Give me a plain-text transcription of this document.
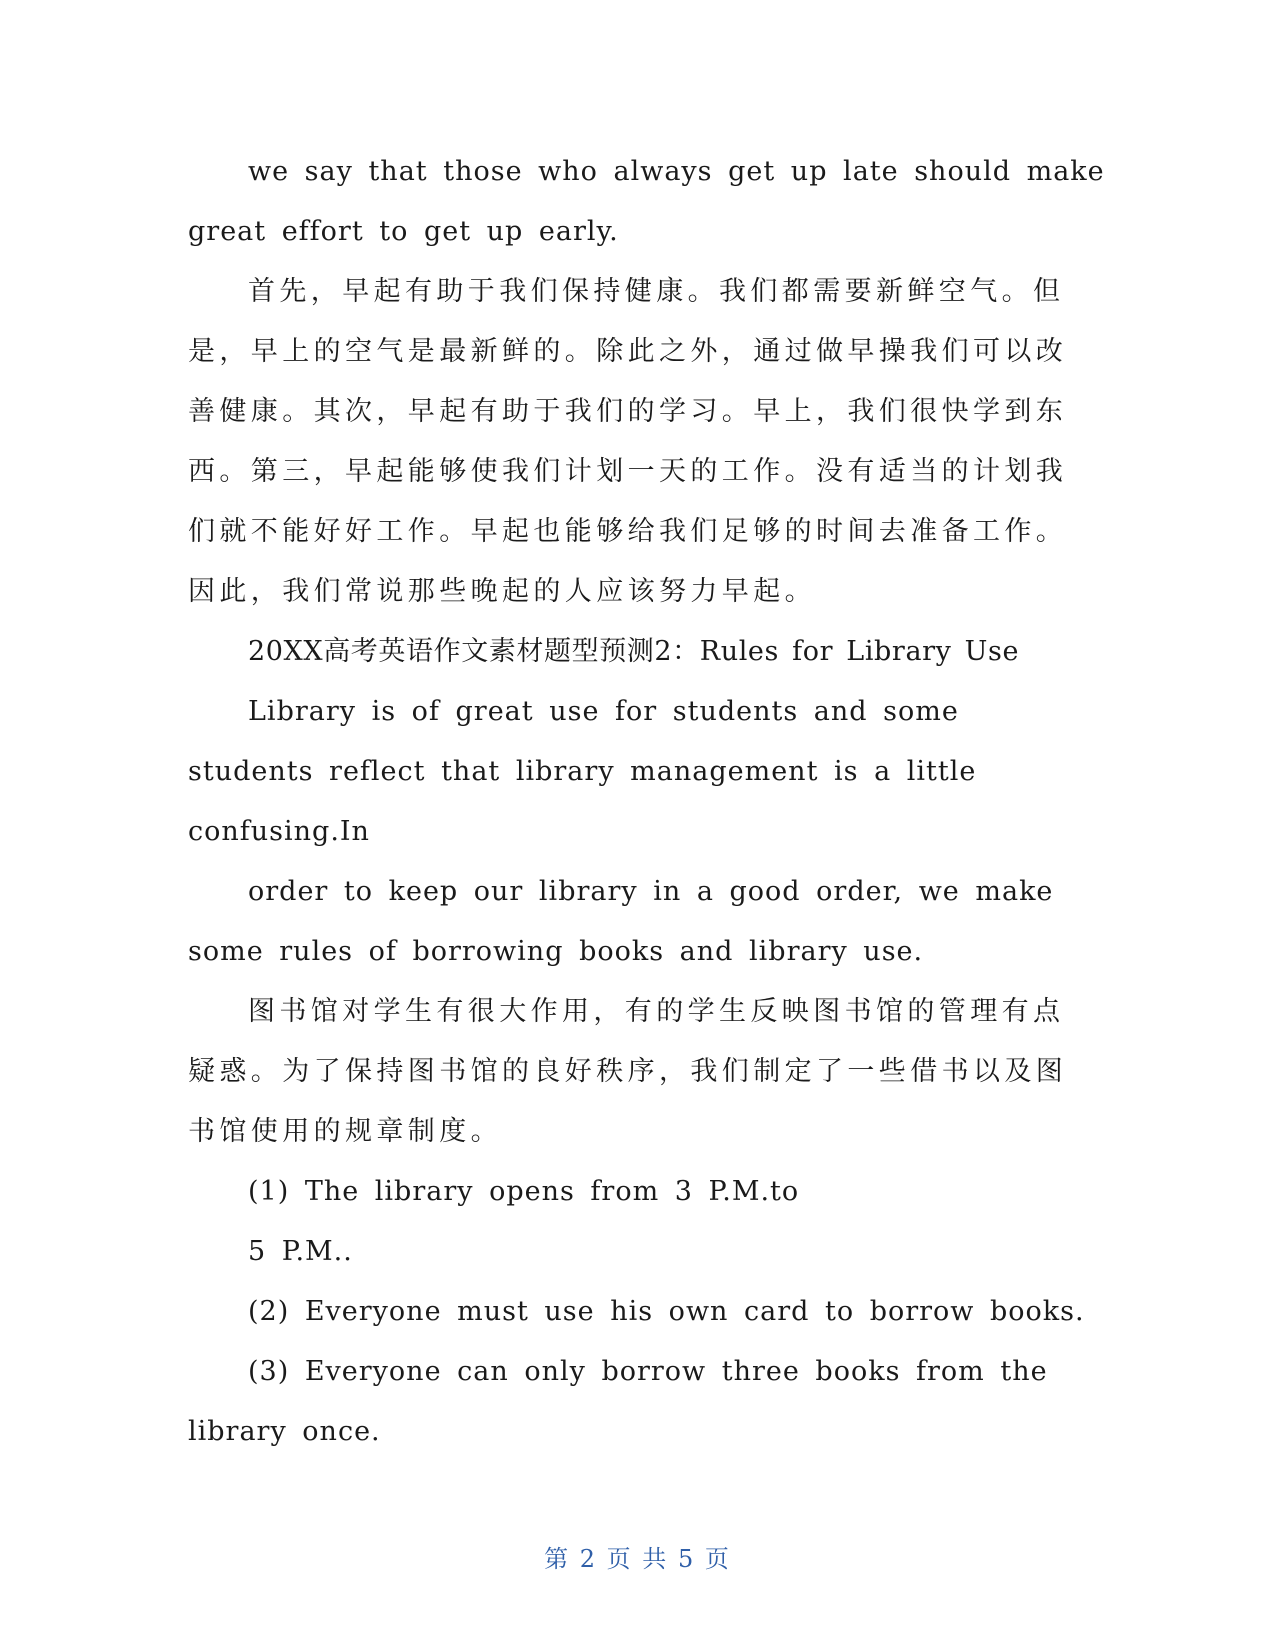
we say that those who always get up late should make
great effort to get up early.
首先，早起有助于我们保持健康。我们都需要新鲜空气。但
是，早上的空气是最新鲜的。除此之外，通过做早操我们可以改
善健康。其次，早起有助于我们的学习。早上，我们很快学到东
西。第三，早起能够使我们计划一天的工作。没有适当的计划我
们就不能好好工作。早起也能够给我们足够的时间去准备工作。
因此，我们常说那些晚起的人应该努力早起。
20XX高考英语作文素材题型预测2：Rules for Library Use
Library is of great use for students and some
students reflect that library management is a little
confusing.In
order to keep our library in a good order, we make
some rules of borrowing books and library use.
图书馆对学生有很大作用，有的学生反映图书馆的管理有点
疑惑。为了保持图书馆的良好秩序，我们制定了一些借书以及图
书馆使用的规章制度。
(1) The library opens from 3 P.M.to
5 P.M..
(2) Everyone must use his own card to borrow books.
(3) Everyone can only borrow three books from the
library once.
第 2 页 共 5 页
